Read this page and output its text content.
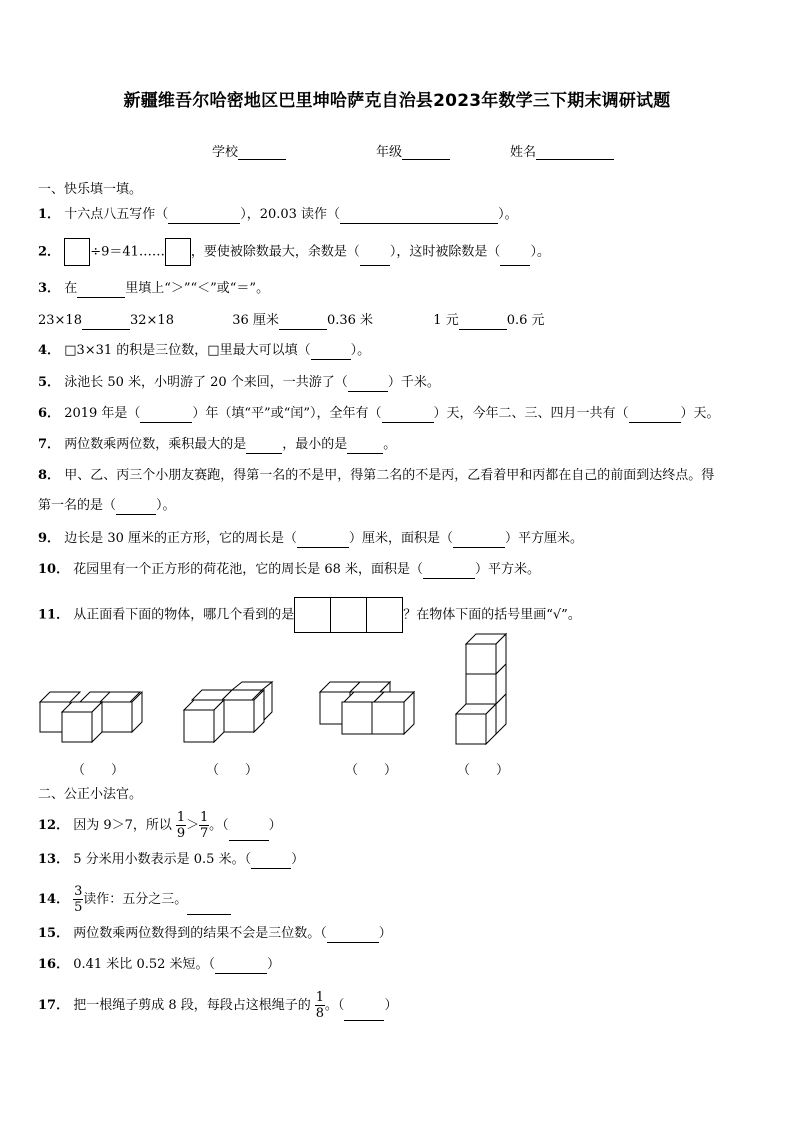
新疆维吾尔哈密地区巴里坤哈萨克自治县2023年数学三下期末调研试题
学校	年级	姓名
一、快乐填一填。
1． 十六点八五写作（	），20.03 读作（	）。
2． ÷9＝41…… ，要使被除数最大，余数是（ ），这时被除数是（ ）。
3． 在	里填上“＞”“＜”或“＝”。
23×18	32×18	36 厘米	0.36 米	1 元	0.6 元
4． □3×31 的积是三位数，□里最大可以填（	）。
5． 泳池长 50 米，小明游了 20 个来回，一共游了（	）千米。
6． 2019 年是（	）年（填“平”或“闰”），全年有（	）天，今年二、三、四月一共有（	）天。
7． 两位数乘两位数，乘积最大的是	，最小的是	。
8． 甲、乙、丙三个小朋友赛跑，得第一名的不是甲，得第二名的不是丙，乙看着甲和丙都在自己的前面到达终点。得
第一名的是（	）。
9． 边长是 30 厘米的正方形，它的周长是（	）厘米，面积是（	）平方厘米。
10． 花园里有一个正方形的荷花池，它的周长是 68 米，面积是（	）平方米。
11． 从正面看下面的物体，哪几个看到的是	？在物体下面的括号里画“√”。
（　　）	（　　）	（　　）	（　　）
二、公正小法官。
12． 因为 9＞7，所以 $\frac{1}{9} > \frac{1}{7}$ 。（	）
13． 5 分米用小数表示是 0.5 米。（	）
14． $\frac{3}{5}$ 读作：五分之三。
15． 两位数乘两位数得到的结果不会是三位数。（	）
16． 0.41 米比 0.52 米短。（	）
17． 把一根绳子剪成 8 段，每段占这根绳子的 $\frac{1}{8}$ 。（	）
